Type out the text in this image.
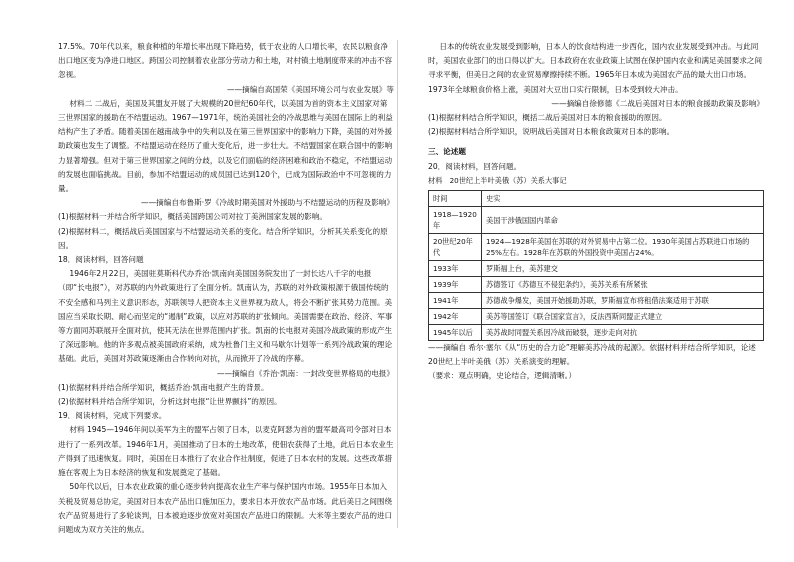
17.5%。70年代以来，粮食种植的年增长率出现下降趋势，低于农业的人口增长率，农民以粮食净出口地区变为净进口地区。跨国公司控制着农业部分劳动力和土地，对村镇土地制度带来的冲击不容忽视。

——摘编自高国荣《美国环境公司与农业发展》等

材料二 二战后，美国及其盟友开展了大规模的20世纪60年代，以美国为首的资本主义国家对第三世界国家的援助在不结盟运动。1967—1971年，统治美国社会的冷战思维与美国在国际上的利益结构产生了矛盾。随着美国在越南战争中的失利以及在第三世界国家中的影响力下降，美国的对外援助政策也发生了调整。不结盟运动在经历了重大变化后，进一步壮大。不结盟国家在联合国中的影响力显著增强。但对于第三世界国家之间的分歧，以及它们面临的经济困难和政治不稳定，不结盟运动的发展也面临挑战。目前，参加不结盟运动的成员国已达到120个，已成为国际政治中不可忽视的力量。

——摘编自布鲁斯·罗《冷战时期美国对外援助与不结盟运动的历程及影响》

(1)根据材料一并结合所学知识，概括美国跨国公司对拉丁美洲国家发展的影响。

(2)根据材料二，概括战后美国国家与不结盟运动关系的变化。结合所学知识，分析其关系变化的原因。

18．阅读材料，回答问题

1946年2月22日，美国驻莫斯科代办乔治·凯南向美国国务院发出了一封长达八千字的电报（即“长电报”），对苏联的内外政策进行了全面分析。凯南认为，苏联的对外政策根源于俄国传统的不安全感和马列主义意识形态，苏联领导人把资本主义世界视为敌人，将会不断扩张其势力范围。美国应当采取长期、耐心而坚定的“遏制”政策，以应对苏联的扩张倾向。美国需要在政治、经济、军事等方面同苏联展开全面对抗，使其无法在世界范围内扩张。凯南的长电报对美国冷战政策的形成产生了深远影响。他的许多观点被美国政府采纳，成为杜鲁门主义和马歇尔计划等一系列冷战政策的理论基础。此后，美国对苏政策逐渐由合作转向对抗，从而掀开了冷战的序幕。

——摘编自《乔治·凯南：一封改变世界格局的电报》

(1)依据材料并结合所学知识，概括乔治·凯南电报产生的背景。

(2)依据材料并结合所学知识，分析这封电报“让世界颤抖”的原因。

19．阅读材料，完成下列要求。

材料 1945—1946年间以美军为主的盟军占领了日本，以麦克阿瑟为首的盟军最高司令部对日本进行了一系列改革。1946年1月，美国推动了日本的土地改革，使佃农获得了土地，此后日本农业生产得到了迅速恢复。同时，美国在日本推行了农业合作社制度，促进了日本农村的发展。这些改革措施在客观上为日本经济的恢复和发展奠定了基础。

50年代以后，日本农业政策的重心逐步转向提高农业生产率与保护国内市场。1955年日本加入关税及贸易总协定，美国对日本农产品出口施加压力，要求日本开放农产品市场。此后美日之间围绕农产品贸易进行了多轮谈判，日本被迫逐步放宽对美国农产品进口的限制。大米等主要农产品的进口问题成为双方关注的焦点。

日本的传统农业发展受到影响，日本人的饮食结构进一步西化，国内农业发展受到冲击。与此同时，美国农业部门的出口得以扩大。日本政府在农业政策上试图在保护国内农业和满足美国要求之间寻求平衡，但美日之间的农业贸易摩擦持续不断。1965年日本成为美国农产品的最大出口市场。1973年全球粮食价格上涨，美国对大豆出口实行限制，日本受到较大冲击。

——摘编自徐修德《二战后美国对日本的粮食援助政策及影响》

(1)根据材料结合所学知识，概括二战后美国对日本的粮食援助的原因。

(2)根据材料结合所学知识，说明战后美国对日本粮食政策对日本的影响。

三、论述题

20．阅读材料，回答问题。

材料　20世纪上半叶美俄（苏）关系大事记

时间	史实
1918—1920年	美国干涉俄国国内革命
20世纪20年代	1924—1928年美国在苏联的对外贸易中占第二位。1930年美国占苏联进口市场的25%左右。1928年在苏联的外国投资中美国占24%。
1933年	罗斯福上台，美苏建交
1939年	苏德签订《苏德互不侵犯条约》，美苏关系有所紧张
1941年	苏德战争爆发，美国开始援助苏联，罗斯福宣布将租借法案适用于苏联
1942年	美苏等国签订《联合国家宣言》，反法西斯同盟正式建立
1945年以后	美苏战时同盟关系因冷战而破裂，逐步走向对抗

——摘编自 希尔·塞尔《从“历史的合力论”理解美苏冷战的起源》。依据材料并结合所学知识，论述20世纪上半叶美俄（苏）关系演变的理解。

（要求：观点明确，史论结合，逻辑清晰。）
